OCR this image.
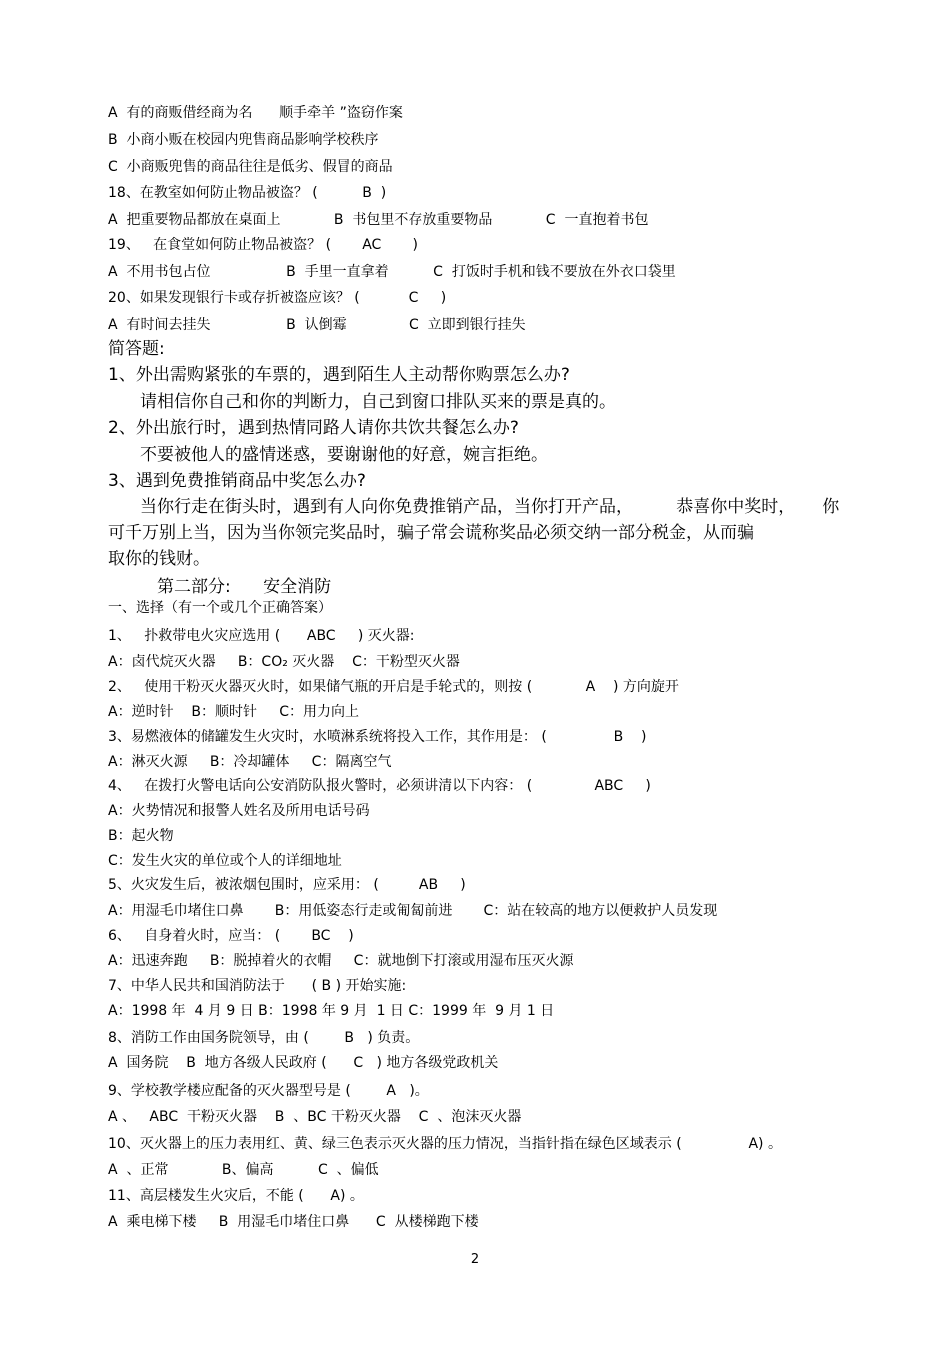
A  有的商贩借经商为名      顺手牵羊 ”盗窃作案
B  小商小贩在校园内兜售商品影响学校秩序
C  小商贩兜售的商品往往是低劣、假冒的商品
18、在教室如何防止物品被盗？ (          B  )
A  把重要物品都放在桌面上            B  书包里不存放重要物品            C  一直抱着书包
19、   在食堂如何防止物品被盗？ (       AC       )
A  不用书包占位                 B  手里一直拿着          C  打饭时手机和钱不要放在外衣口袋里
20、如果发现银行卡或存折被盗应该？ (           C     )
A  有时间去挂失                 B  认倒霉              C  立即到银行挂失
简答题:
1、外出需购紧张的车票的，遇到陌生人主动帮你购票怎么办?
请相信你自己和你的判断力，自己到窗口排队买来的票是真的。
2、外出旅行时，遇到热情同路人请你共饮共餐怎么办?
不要被他人的盛情迷惑，要谢谢他的好意，婉言拒绝。
3、遇到免费推销商品中奖怎么办?
当你行走在街头时，遇到有人向你免费推销产品，当你打开产品，        恭喜你中奖时，     你
可千万别上当，因为当你领完奖品时，骗子常会谎称奖品必须交纳一部分税金，从而骗
取你的钱财。
第二部分:      安全消防
一、选择（有一个或几个正确答案）
1、   扑救带电火灾应选用 (      ABC     ) 灭火器:
A：卤代烷灭火器     B：CO₂ 灭火器    C：干粉型灭火器
2、   使用干粉灭火器灭火时，如果储气瓶的开启是手轮式的，则按 (            A    ) 方向旋开
A：逆时针    B：顺时针     C：用力向上
3、易燃液体的储罐发生火灾时，水喷淋系统将投入工作，其作用是： (               B    )
A：淋灭火源     B：冷却罐体     C：隔离空气
4、   在拨打火警电话向公安消防队报火警时，必须讲清以下内容： (              ABC     )
A：火势情况和报警人姓名及所用电话号码
B：起火物
C：发生火灾的单位或个人的详细地址
5、火灾发生后，被浓烟包围时，应采用： (         AB     )
A：用湿毛巾堵住口鼻       B：用低姿态行走或匍匐前进       C：站在较高的地方以便救护人员发现
6、   自身着火时，应当： (       BC    )
A：迅速奔跑     B：脱掉着火的衣帽     C：就地倒下打滚或用湿布压灭火源
7、中华人民共和国消防法于      ( B ) 开始实施:
A：1998 年  4 月 9 日 B：1998 年 9 月  1 日 C：1999 年  9 月 1 日
8、消防工作由国务院领导，由 (        B   ) 负责。
A  国务院    B  地方各级人民政府 (      C   ) 地方各级党政机关
9、学校教学楼应配备的灭火器型号是 (        A   )。
A 、   ABC  干粉灭火器    B  、BC 干粉灭火器    C  、泡沫灭火器
10、灭火器上的压力表用红、黄、绿三色表示灭火器的压力情况，当指针指在绿色区域表示 (               A) 。
A  、正常            B、偏高          C  、偏低
11、高层楼发生火灾后，不能 (      A) 。
A  乘电梯下楼     B  用湿毛巾堵住口鼻      C  从楼梯跑下楼
2
